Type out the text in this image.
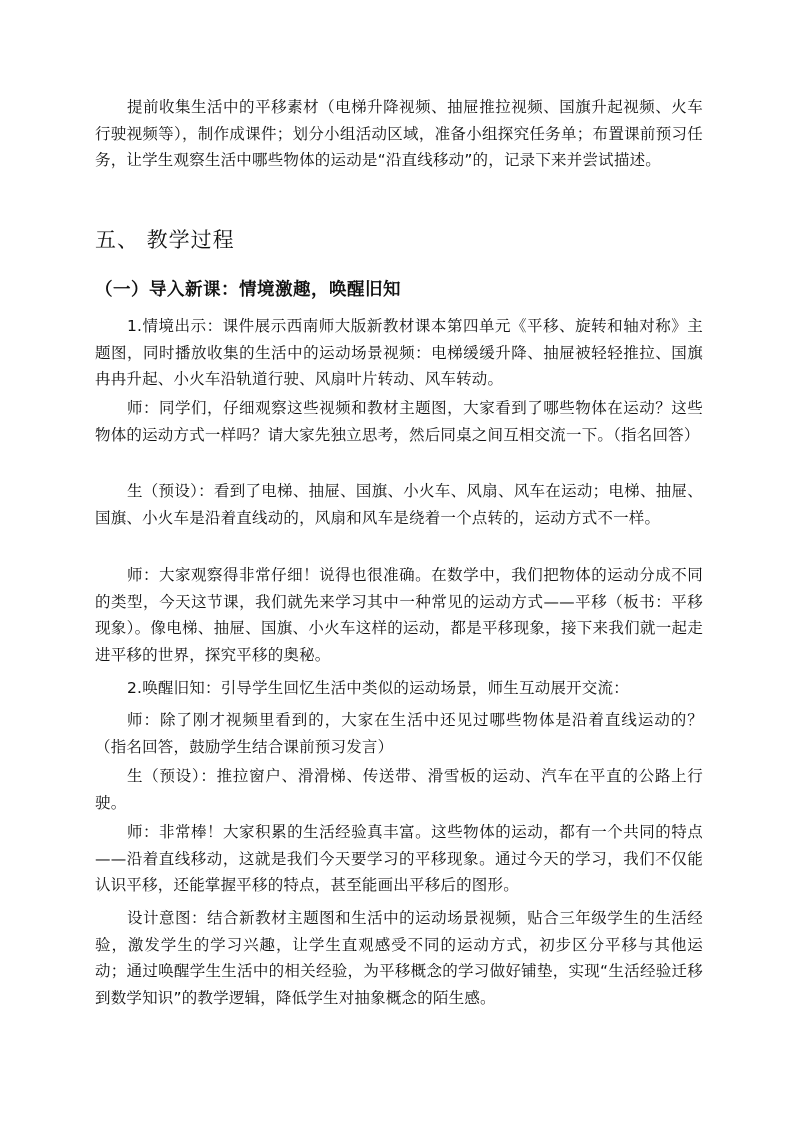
提前收集生活中的平移素材（电梯升降视频、抽屉推拉视频、国旗升起视频、火车行驶视频等），制作成课件；划分小组活动区域，准备小组探究任务单；布置课前预习任务，让学生观察生活中哪些物体的运动是“沿直线移动”的，记录下来并尝试描述。

五、 教学过程
（一）导入新课：情境激趣，唤醒旧知

1.情境出示：课件展示西南师大版新教材课本第四单元《平移、旋转和轴对称》主题图，同时播放收集的生活中的运动场景视频：电梯缓缓升降、抽屉被轻轻推拉、国旗冉冉升起、小火车沿轨道行驶、风扇叶片转动、风车转动。

师：同学们，仔细观察这些视频和教材主题图，大家看到了哪些物体在运动？这些物体的运动方式一样吗？请大家先独立思考，然后同桌之间互相交流一下。（指名回答）

生（预设）：看到了电梯、抽屉、国旗、小火车、风扇、风车在运动；电梯、抽屉、国旗、小火车是沿着直线动的，风扇和风车是绕着一个点转的，运动方式不一样。

师：大家观察得非常仔细！说得也很准确。在数学中，我们把物体的运动分成不同的类型，今天这节课，我们就先来学习其中一种常见的运动方式——平移（板书：平移现象）。像电梯、抽屉、国旗、小火车这样的运动，都是平移现象，接下来我们就一起走进平移的世界，探究平移的奥秘。

2.唤醒旧知：引导学生回忆生活中类似的运动场景，师生互动展开交流：

师：除了刚才视频里看到的，大家在生活中还见过哪些物体是沿着直线运动的？（指名回答，鼓励学生结合课前预习发言）

生（预设）：推拉窗户、滑滑梯、传送带、滑雪板的运动、汽车在平直的公路上行驶。

师：非常棒！大家积累的生活经验真丰富。这些物体的运动，都有一个共同的特点——沿着直线移动，这就是我们今天要学习的平移现象。通过今天的学习，我们不仅能认识平移，还能掌握平移的特点，甚至能画出平移后的图形。

设计意图：结合新教材主题图和生活中的运动场景视频，贴合三年级学生的生活经验，激发学生的学习兴趣，让学生直观感受不同的运动方式，初步区分平移与其他运动；通过唤醒学生生活中的相关经验，为平移概念的学习做好铺垫，实现“生活经验迁移到数学知识”的教学逻辑，降低学生对抽象概念的陌生感。
